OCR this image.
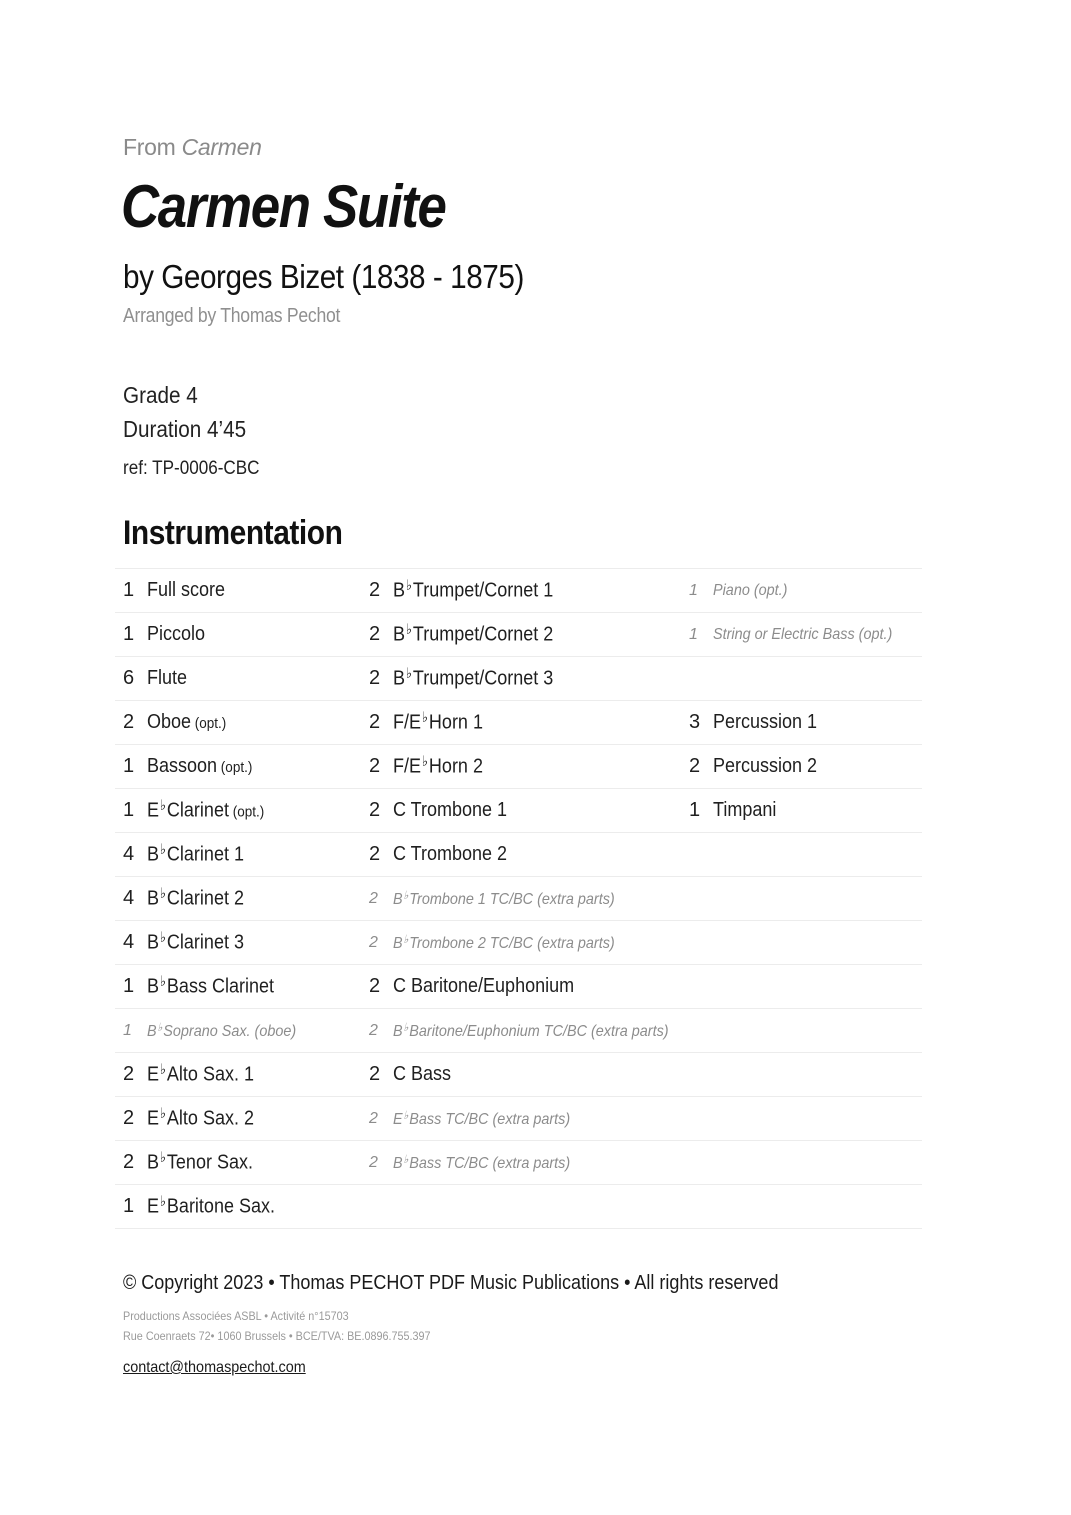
From Carmen
Carmen Suite
by Georges Bizet (1838 - 1875)
Arranged by Thomas Pechot
Grade 4
Duration 4’45
ref: TP-0006-CBC
Instrumentation
1 Full score	2 B♭Trumpet/Cornet 1	1 Piano (opt.)
1 Piccolo	2 B♭Trumpet/Cornet 2	1 String or Electric Bass (opt.)
6 Flute	2 B♭Trumpet/Cornet 3
2 Oboe (opt.)	2 F/E♭Horn 1	3 Percussion 1
1 Bassoon (opt.)	2 F/E♭Horn 2	2 Percussion 2
1 E♭Clarinet (opt.)	2 C Trombone 1	1 Timpani
4 B♭Clarinet 1	2 C Trombone 2
4 B♭Clarinet 2	2 B♭Trombone 1 TC/BC (extra parts)
4 B♭Clarinet 3	2 B♭Trombone 2 TC/BC (extra parts)
1 B♭Bass Clarinet	2 C Baritone/Euphonium
1 B♭Soprano Sax. (oboe)	2 B♭Baritone/Euphonium TC/BC (extra parts)
2 E♭Alto Sax. 1	2 C Bass
2 E♭Alto Sax. 2	2 E♭Bass TC/BC (extra parts)
2 B♭Tenor Sax.	2 B♭Bass TC/BC (extra parts)
1 E♭Baritone Sax.
© Copyright 2023 • Thomas PECHOT PDF Music Publications • All rights reserved
Productions Associées ASBL • Activité n°15703
Rue Coenraets 72• 1060 Brussels • BCE/TVA: BE.0896.755.397
contact@thomaspechot.com
